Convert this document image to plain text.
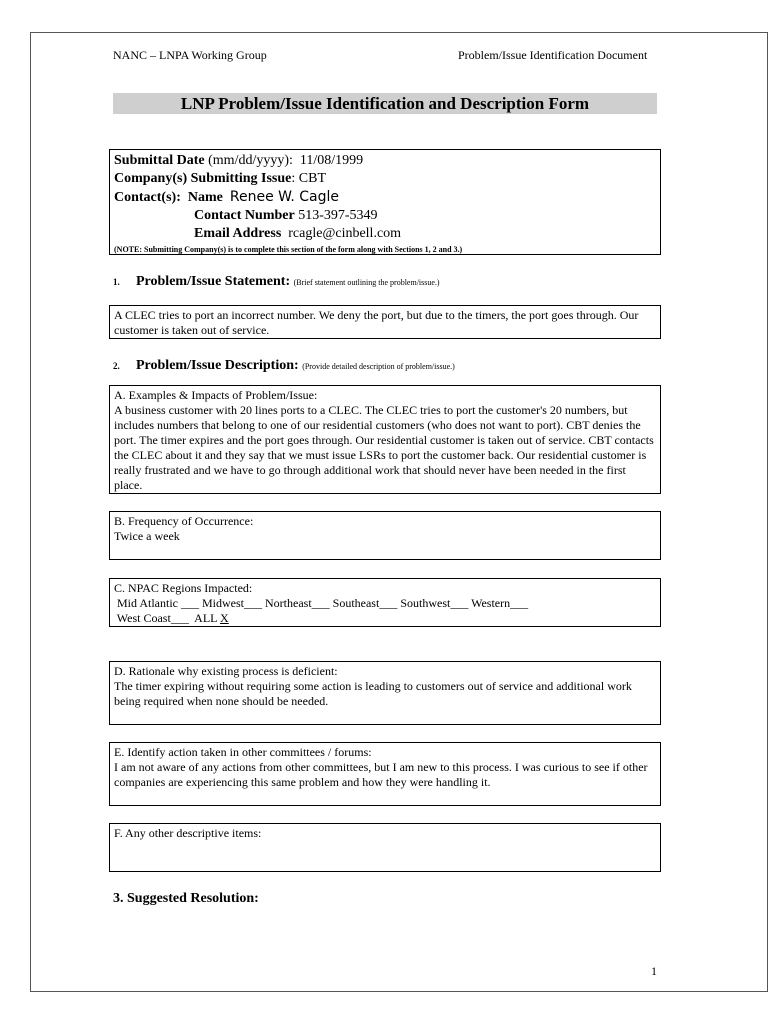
NANC – LNPA Working Group	Problem/Issue Identification Document
LNP Problem/Issue Identification and Description Form
Submittal Date (mm/dd/yyyy): 11/08/1999
Company(s) Submitting Issue: CBT
Contact(s): Name Renee W. Cagle
Contact Number 513-397-5349
Email Address rcagle@cinbell.com
(NOTE: Submitting Company(s) is to complete this section of the form along with Sections 1, 2 and 3.)
1. Problem/Issue Statement: (Brief statement outlining the problem/issue.)
A CLEC tries to port an incorrect number. We deny the port, but due to the timers, the port goes through. Our customer is taken out of service.
2. Problem/Issue Description: (Provide detailed description of problem/issue.)
A. Examples & Impacts of Problem/Issue:
A business customer with 20 lines ports to a CLEC. The CLEC tries to port the customer's 20 numbers, but includes numbers that belong to one of our residential customers (who does not want to port). CBT denies the port. The timer expires and the port goes through. Our residential customer is taken out of service. CBT contacts the CLEC about it and they say that we must issue LSRs to port the customer back. Our residential customer is really frustrated and we have to go through additional work that should never have been needed in the first place.
B. Frequency of Occurrence:
Twice a week
C. NPAC Regions Impacted:
Mid Atlantic ___ Midwest___ Northeast___ Southeast___ Southwest___ Western___
West Coast___  ALL X
D. Rationale why existing process is deficient:
The timer expiring without requiring some action is leading to customers out of service and additional work being required when none should be needed.
E. Identify action taken in other committees / forums:
I am not aware of any actions from other committees, but I am new to this process. I was curious to see if other companies are experiencing this same problem and how they were handling it.
F. Any other descriptive items:
3. Suggested Resolution:
1
